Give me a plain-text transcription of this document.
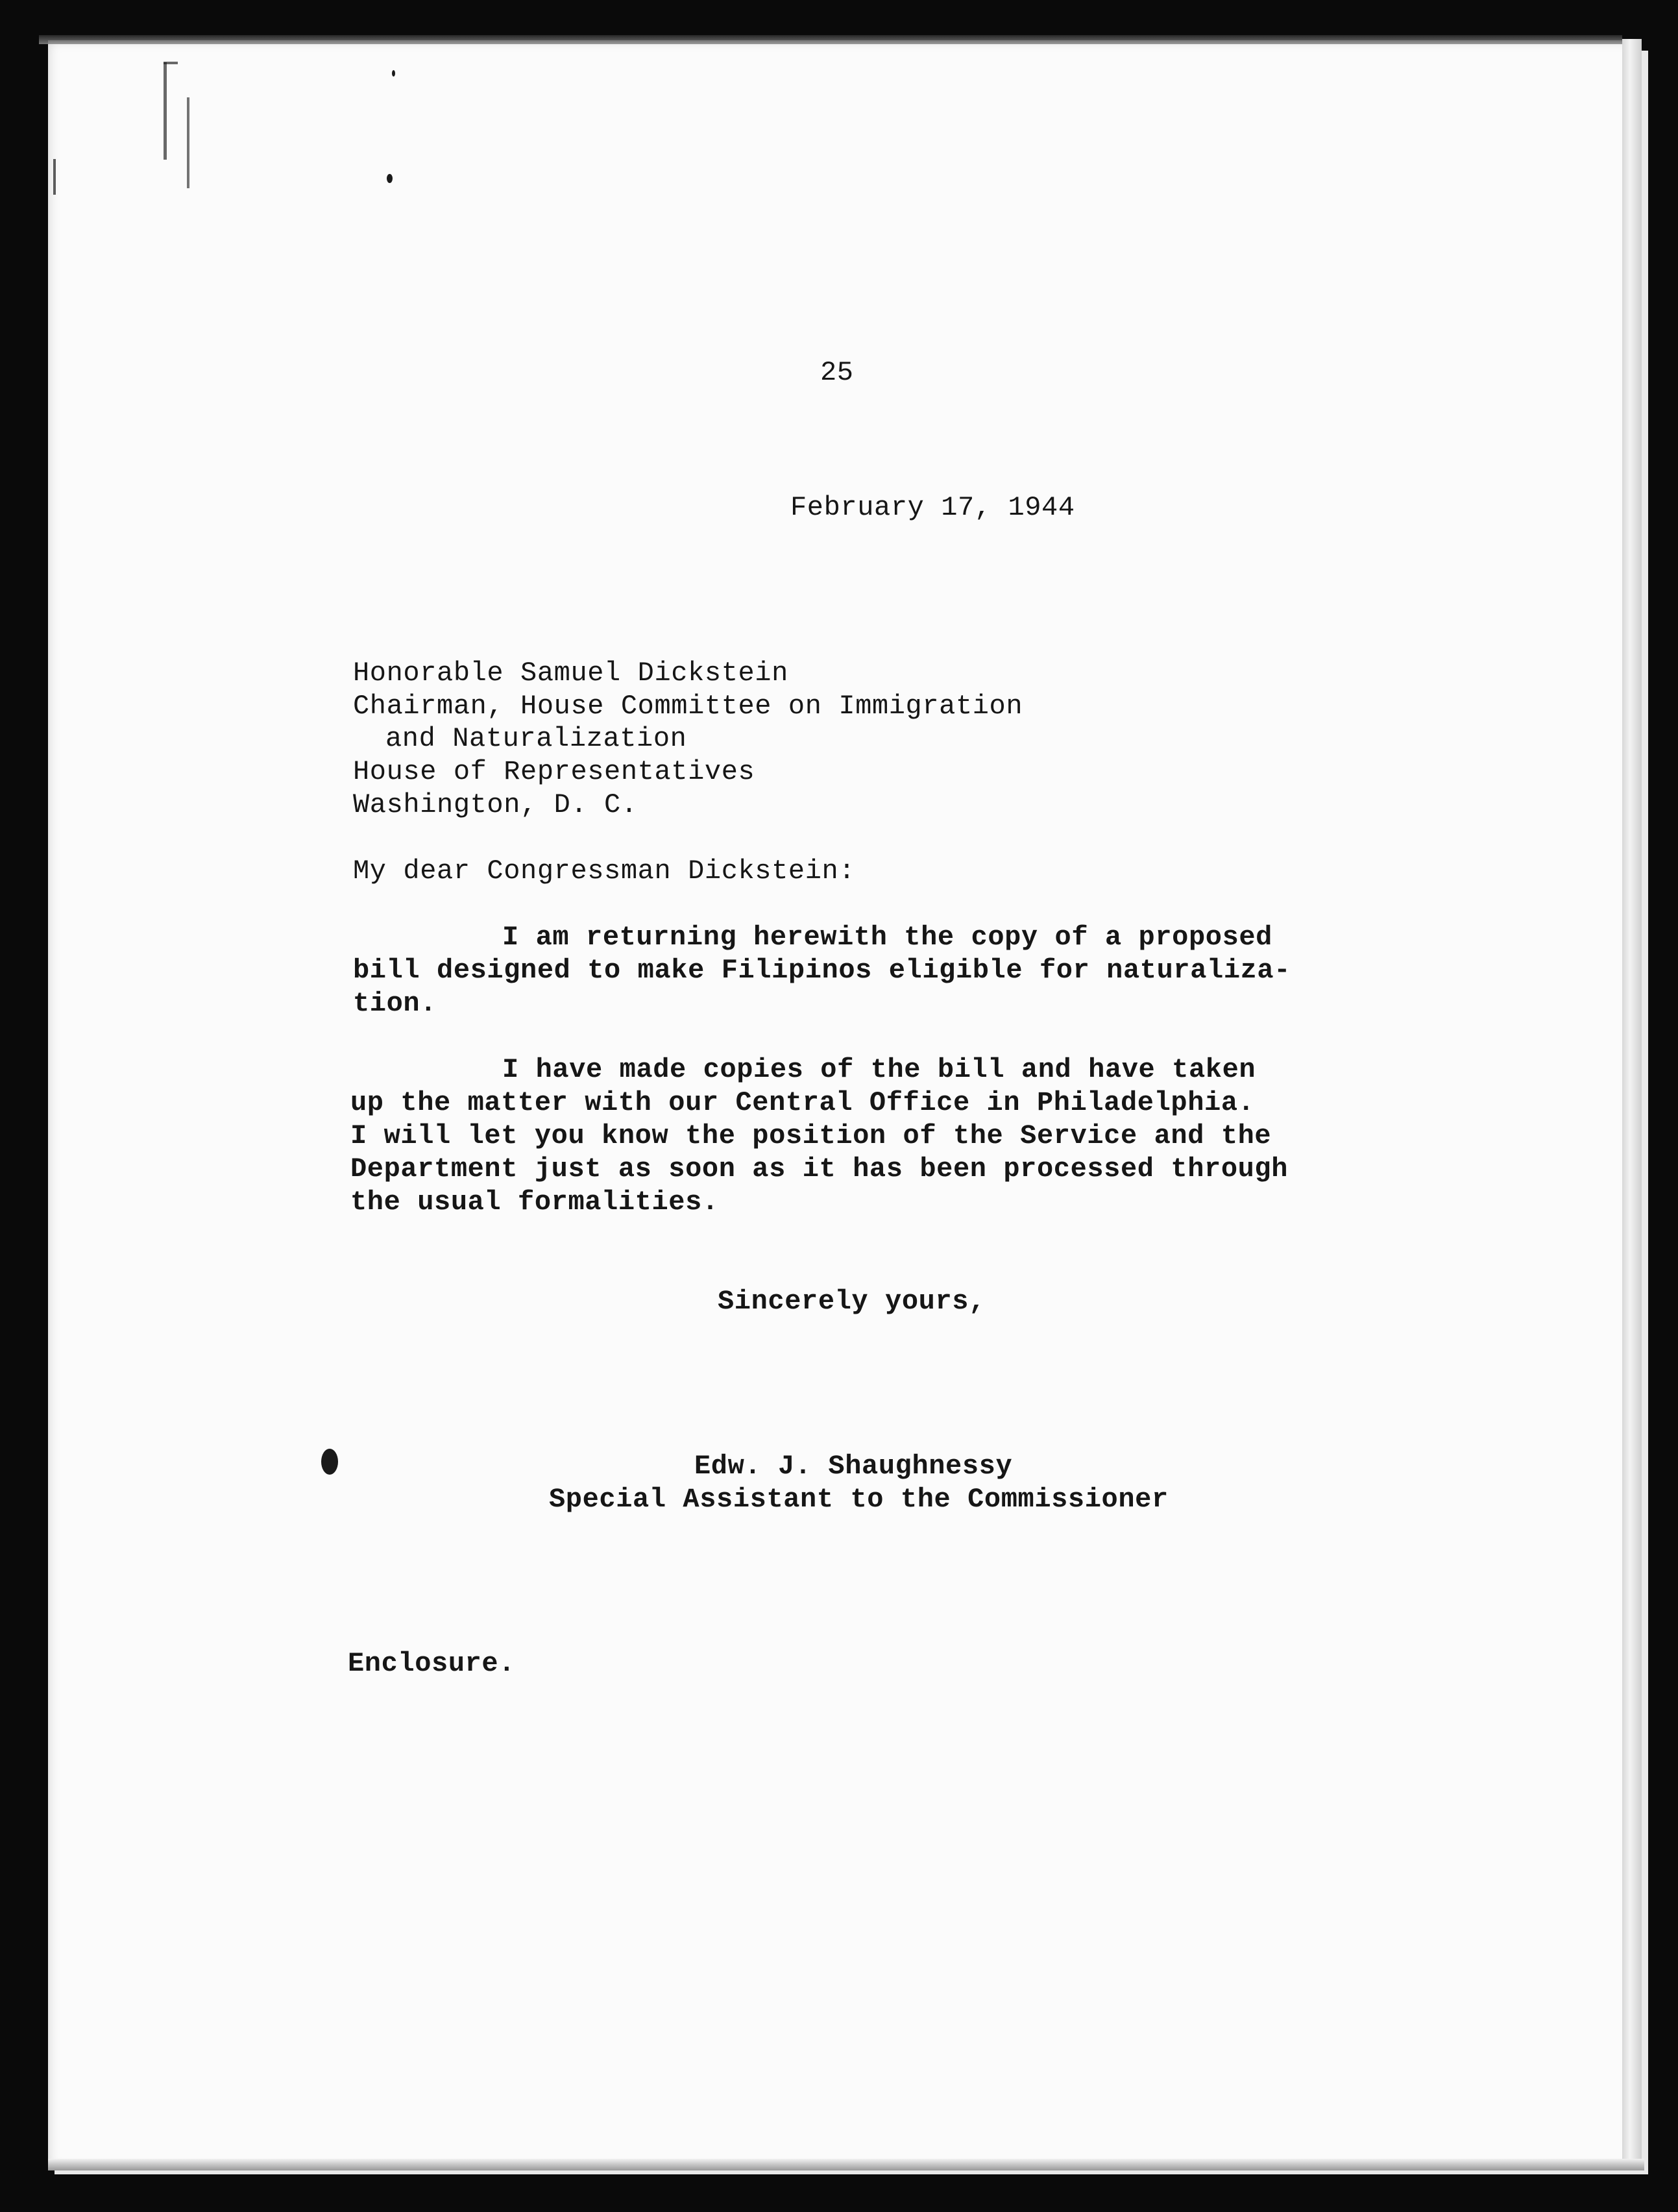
25
February 17, 1944
Honorable Samuel Dickstein
Chairman, House Committee on Immigration
and Naturalization
House of Representatives
Washington, D. C.
My dear Congressman Dickstein:
I am returning herewith the copy of a proposed
bill designed to make Filipinos eligible for naturaliza-
tion.
I have made copies of the bill and have taken
up the matter with our Central Office in Philadelphia.
I will let you know the position of the Service and the
Department just as soon as it has been processed through
the usual formalities.
Sincerely yours,
Edw. J. Shaughnessy
Special Assistant to the Commissioner
Enclosure.
